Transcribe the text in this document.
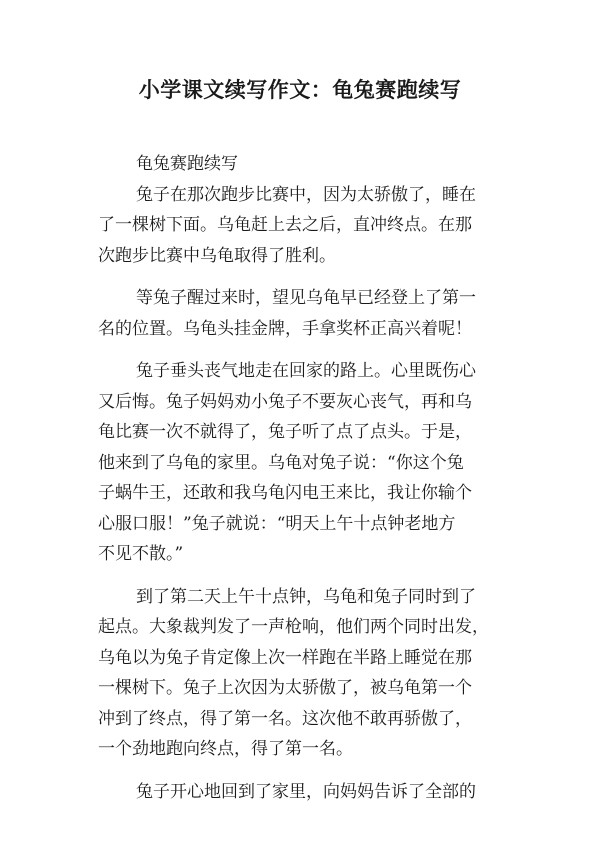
小学课文续写作文：龟兔赛跑续写
龟兔赛跑续写
兔子在那次跑步比赛中，因为太骄傲了，睡在
了一棵树下面。乌龟赶上去之后，直冲终点。在那
次跑步比赛中乌龟取得了胜利。
等兔子醒过来时，望见乌龟早已经登上了第一
名的位置。乌龟头挂金牌，手拿奖杯正高兴着呢！
兔子垂头丧气地走在回家的路上。心里既伤心
又后悔。兔子妈妈劝小兔子不要灰心丧气，再和乌
龟比赛一次不就得了，兔子听了点了点头。于是，
他来到了乌龟的家里。乌龟对兔子说：“你这个兔
子蜗牛王，还敢和我乌龟闪电王来比，我让你输个
心服口服！”兔子就说：“明天上午十点钟老地方
不见不散。”
到了第二天上午十点钟，乌龟和兔子同时到了
起点。大象裁判发了一声枪响，他们两个同时出发，
乌龟以为兔子肯定像上次一样跑在半路上睡觉在那
一棵树下。兔子上次因为太骄傲了，被乌龟第一个
冲到了终点，得了第一名。这次他不敢再骄傲了，
一个劲地跑向终点，得了第一名。
兔子开心地回到了家里，向妈妈告诉了全部的
